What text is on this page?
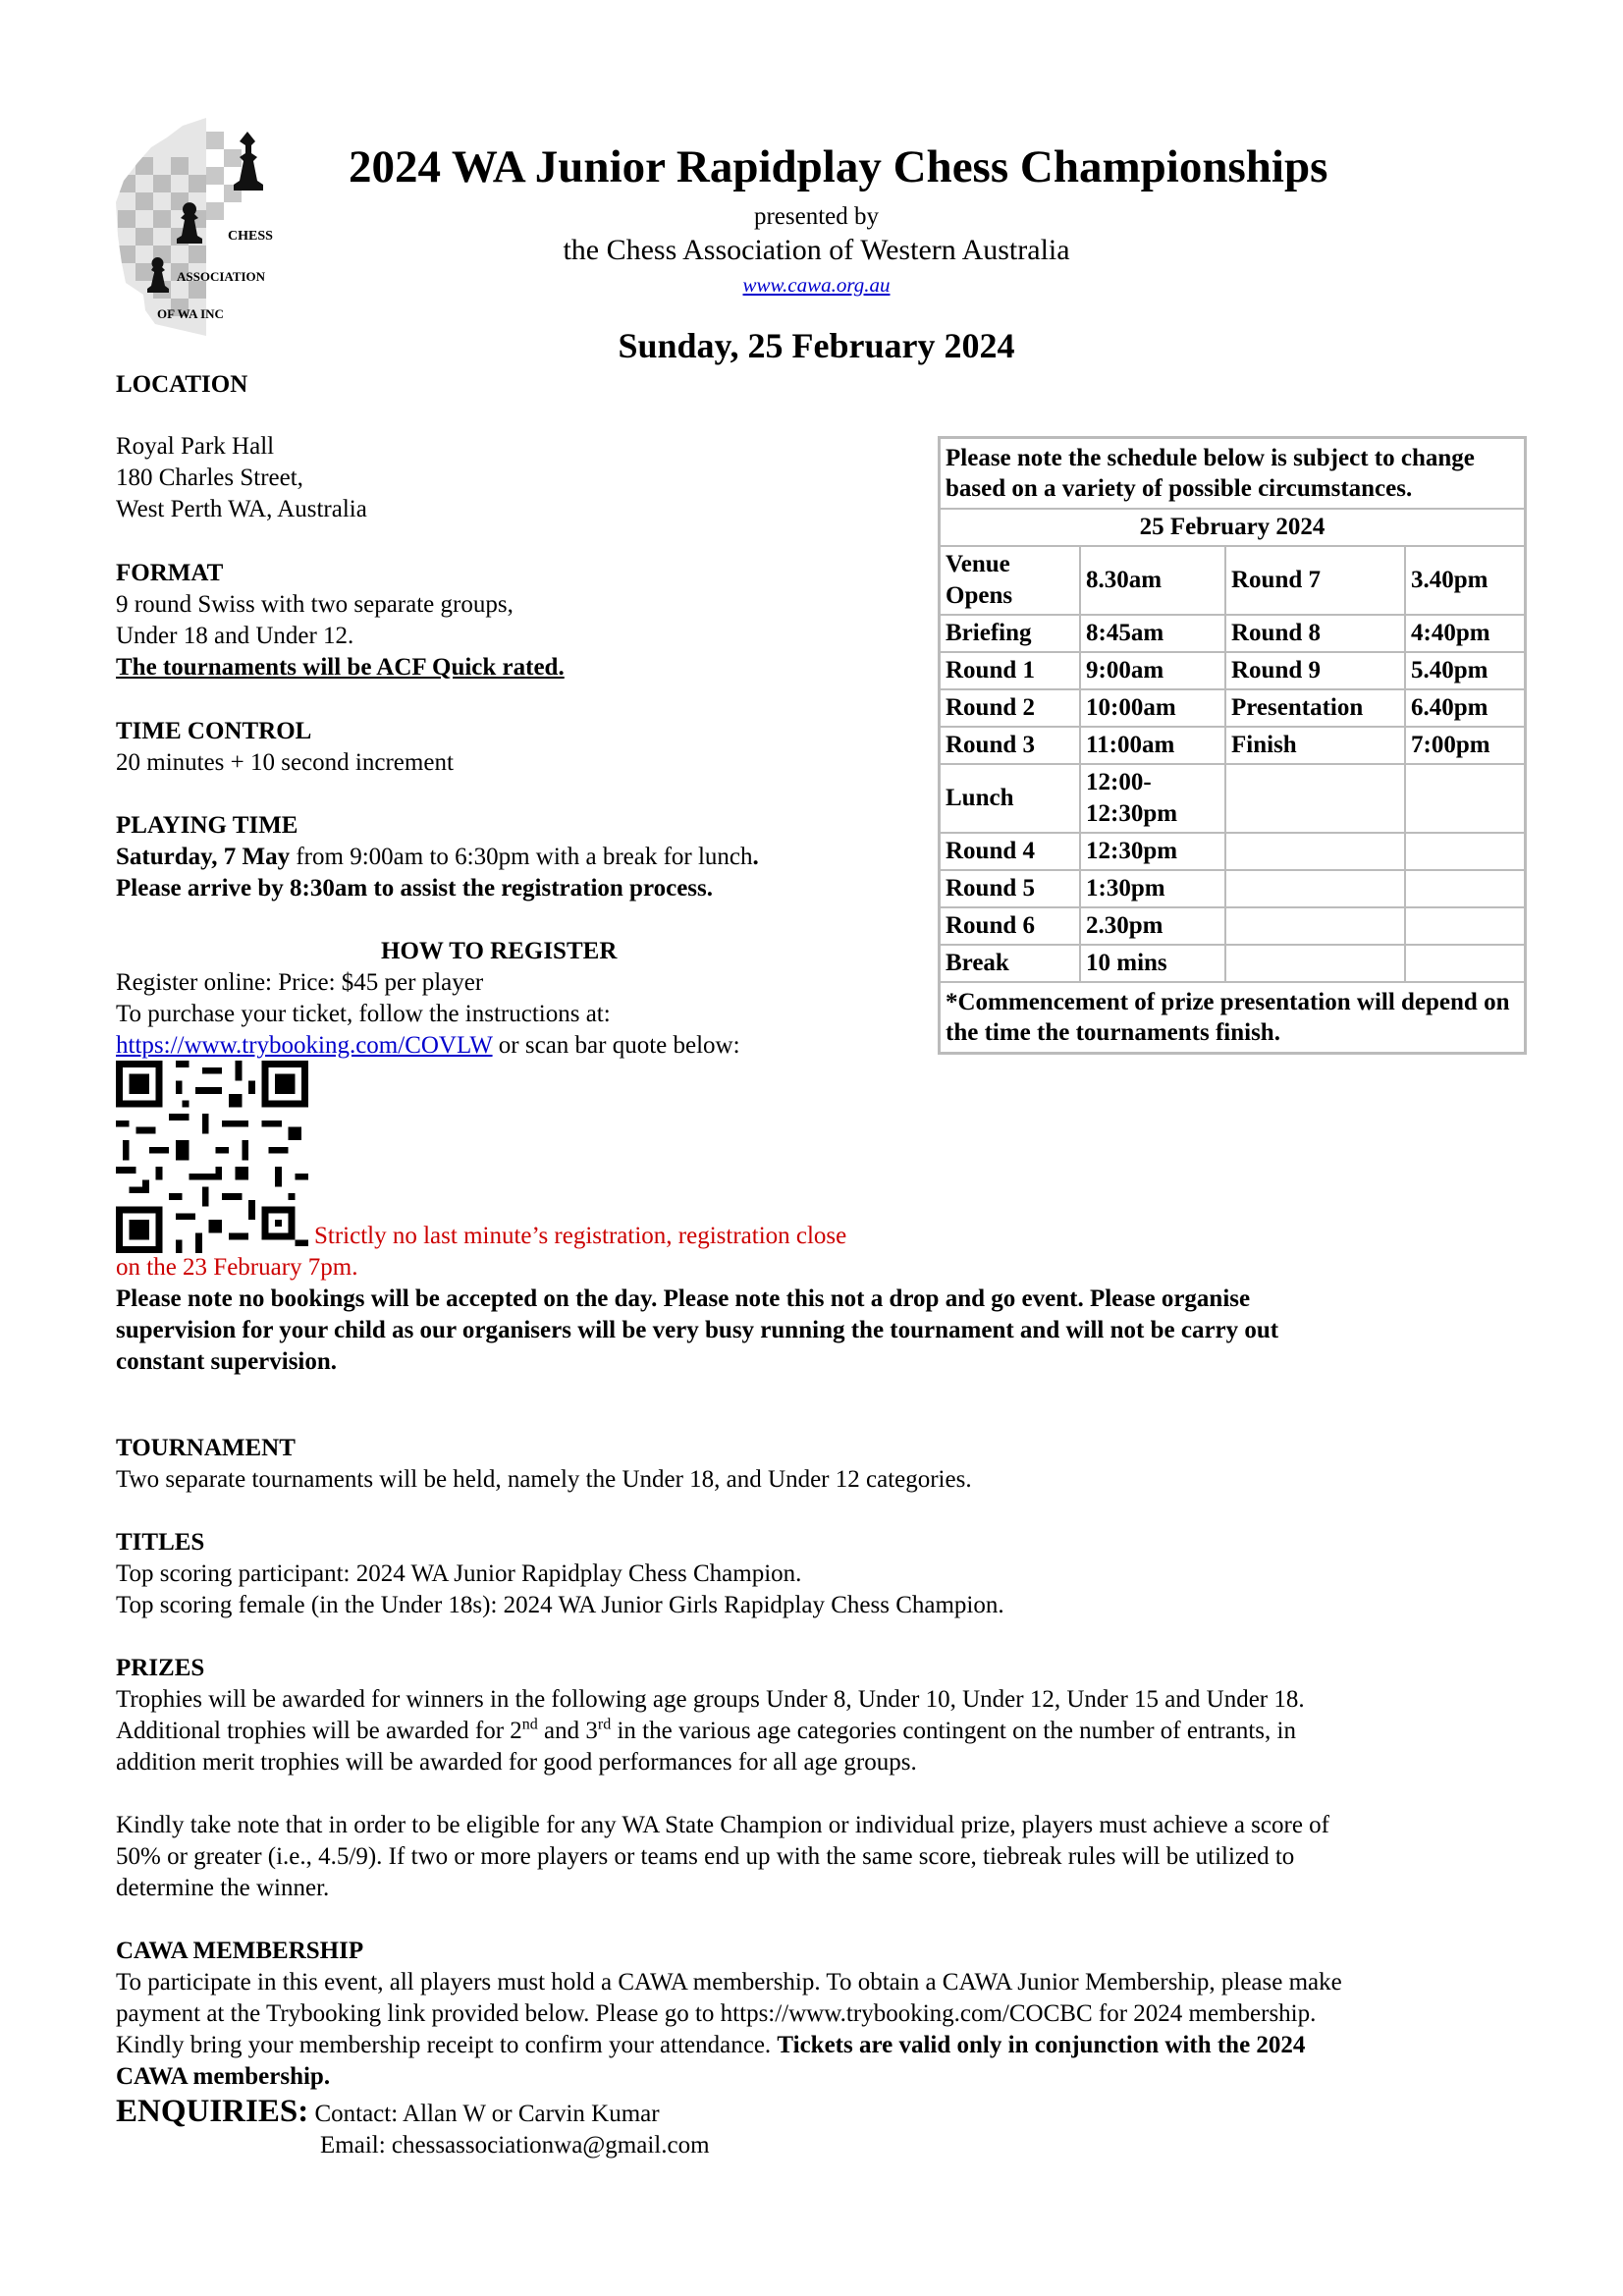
CHESS
ASSOCIATION
OF WA INC
2024 WA Junior Rapidplay Chess Championships
presented by
the Chess Association of Western Australia
www.cawa.org.au
Sunday, 25 February 2024
LOCATION
Royal Park Hall
180 Charles Street,
West Perth WA, Australia
FORMAT
9 round Swiss with two separate groups,
Under 18 and Under 12.
The tournaments will be ACF Quick rated.
TIME CONTROL
20 minutes + 10 second increment
PLAYING TIME
Saturday, 7 May from 9:00am to 6:30pm with a break for lunch.
Please arrive by 8:30am to assist the registration process.
HOW TO REGISTER
Register online: Price: $45 per player
To purchase your ticket, follow the instructions at:
https://www.trybooking.com/COVLW or scan bar quote below:
Strictly no last minute’s registration, registration close
on the 23 February 7pm.
Please note no bookings will be accepted on the day. Please note this not a drop and go event. Please organise
supervision for your child as our organisers will be very busy running the tournament and will not be carry out
constant supervision.
Please note the schedule below is subject to change based on a variety of possible circumstances.			
25 February 2024			
Venue Opens	8.30am	Round 7	3.40pm
Briefing	8:45am	Round 8	4:40pm
Round 1	9:00am	Round 9	5.40pm
Round 2	10:00am	Presentation	6.40pm
Round 3	11:00am	Finish	7:00pm
Lunch	12:00-12:30pm		
Round 4	12:30pm		
Round 5	1:30pm		
Round 6	2.30pm		
Break	10 mins		
*Commencement of prize presentation will depend on the time the tournaments finish.			
TOURNAMENT
Two separate tournaments will be held, namely the Under 18, and Under 12 categories.
TITLES
Top scoring participant: 2024 WA Junior Rapidplay Chess Champion.
Top scoring female (in the Under 18s): 2024 WA Junior Girls Rapidplay Chess Champion.
PRIZES
Trophies will be awarded for winners in the following age groups Under 8, Under 10, Under 12, Under 15 and Under 18.
Additional trophies will be awarded for 2nd and 3rd in the various age categories contingent on the number of entrants, in
addition merit trophies will be awarded for good performances for all age groups.
Kindly take note that in order to be eligible for any WA State Champion or individual prize, players must achieve a score of
50% or greater (i.e., 4.5/9). If two or more players or teams end up with the same score, tiebreak rules will be utilized to
determine the winner.
CAWA MEMBERSHIP
To participate in this event, all players must hold a CAWA membership. To obtain a CAWA Junior Membership, please make
payment at the Trybooking link provided below. Please go to https://www.trybooking.com/COCBC for 2024 membership.
Kindly bring your membership receipt to confirm your attendance. Tickets are valid only in conjunction with the 2024
CAWA membership.
ENQUIRIES: Contact: Allan W or Carvin Kumar
Email: chessassociationwa@gmail.com
